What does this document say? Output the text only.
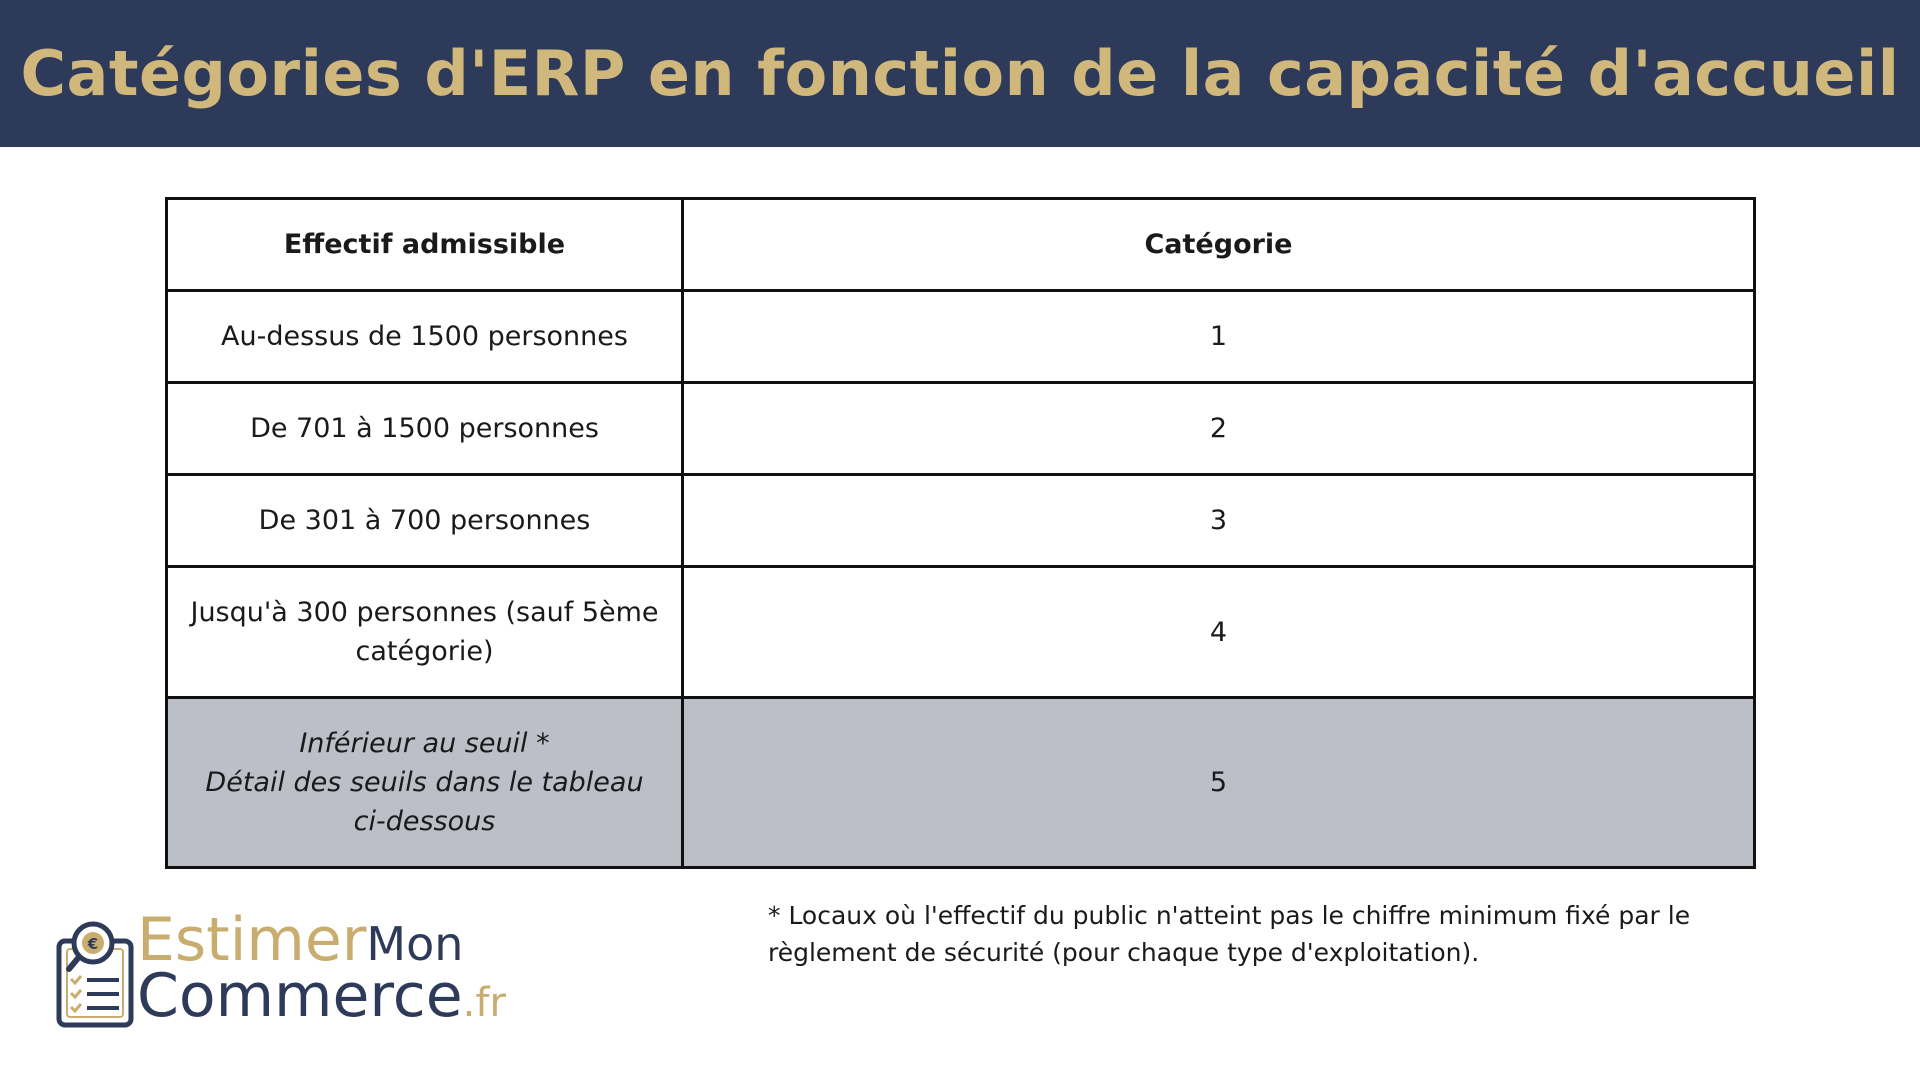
Catégories d'ERP en fonction de la capacité d'accueil
Effectif admissible	Catégorie

Au-dessus de 1500 personnes	1

De 701 à 1500 personnes	2

De 301 à 700 personnes	3

Jusqu'à 300 personnes (sauf 5ème
catégorie)	4

Inférieur au seuil *
Détail des seuils dans le tableau
ci-dessous	5
* Locaux où l'effectif du public n'atteint pas le chiffre minimum fixé par le
règlement de sécurité (pour chaque type d'exploitation).
€ EstimerMon
Commerce.fr
